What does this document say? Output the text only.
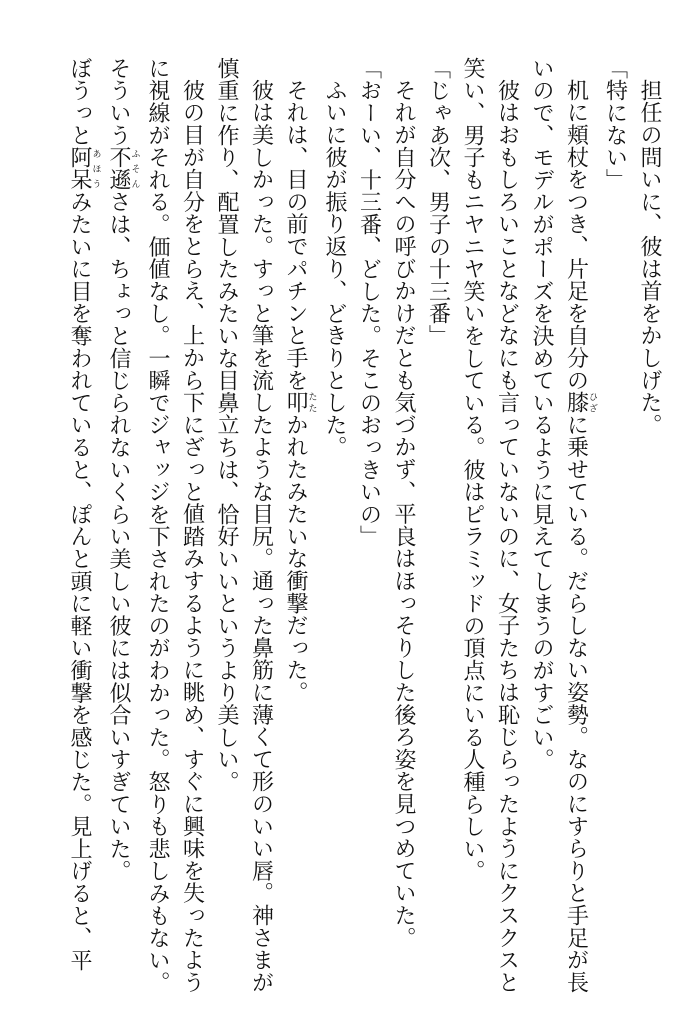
担任の問いに、彼は首をかしげた。
「特にない」
机に頬杖をつき、片足を自分の膝ひざに乗せている。だらしない姿勢。なのにすらりと手足が長
いので、モデルがポーズを決めているように見えてしまうのがすごい。
彼はおもしろいことなどなにも言っていないのに、女子たちは恥じらったようにクスクスと
笑い、男子もニヤニヤ笑いをしている。彼はピラミッドの頂点にいる人種らしい。
「じゃあ次、男子の十三番」
それが自分への呼びかけだとも気づかず、平良はほっそりした後ろ姿を見つめていた。
「おーい、十三番、どした。そこのおっきいの」
ふいに彼が振り返り、どきりとした。
それは、目の前でパチンと手を叩たたかれたみたいな衝撃だった。
彼は美しかった。すっと筆を流したような目尻。通った鼻筋に薄くて形のいい唇。神さまが
慎重に作り、配置したみたいな目鼻立ちは、恰好いいというより美しい。
彼の目が自分をとらえ、上から下にざっと値踏みするように眺め、すぐに興味を失ったよう
に視線がそれる。価値なし。一瞬でジャッジを下されたのがわかった。怒りも悲しみもない。
そういう不遜ふそんさは、ちょっと信じられないくらい美しい彼には似合いすぎていた。
ぼうっと阿呆あほうみたいに目を奪われていると、ぽんと頭に軽い衝撃を感じた。見上げると、平
